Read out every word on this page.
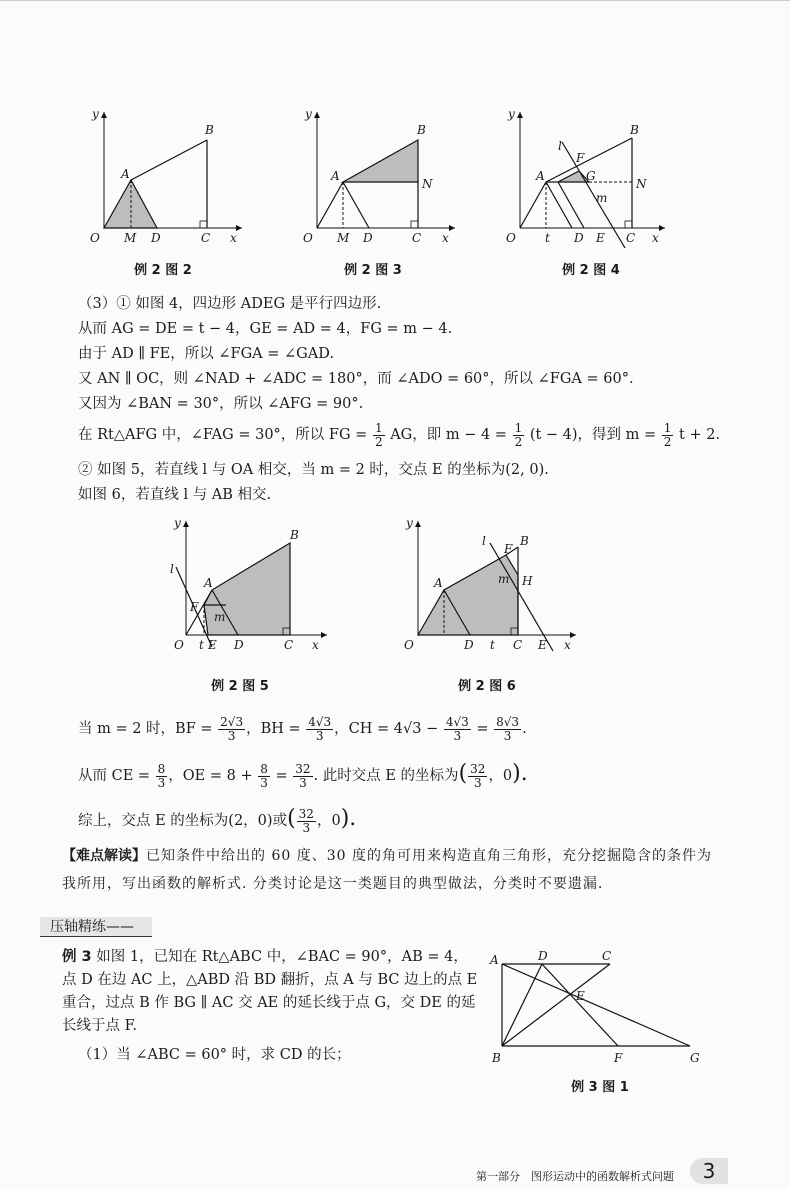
y
B
A
O M D	C x
例 2 图 2
y
B
A
N
O M D	C x
例 2 图 3
y
B
l
F
A	G
N
m
O t D E C x
例 2 图 4
（3）① 如图 4，四边形 ADEG 是平行四边形.
从而 AG = DE = t − 4，GE = AD = 4，FG = m − 4.
由于 AD ∥ FE，所以 ∠FGA = ∠GAD.
又 AN ∥ OC，则 ∠NAD + ∠ADC = 180°，而 ∠ADO = 60°，所以 ∠FGA = 60°.
又因为 ∠BAN = 30°，所以 ∠AFG = 90°.
在 Rt△AFG 中，∠FAG = 30°，所以 FG = $\frac{1}{2}$ AG，即 $m - 4 = \frac{1}{2} (t - 4)$，得到 $m = \frac{1}{2}$ t + 2.
② 如图 5，若直线 l 与 OA 相交，当 m = 2 时，交点 E 的坐标为(2, 0).
如图 6，若直线 l 与 AB 相交.
y
B
l
A
F
m
O t E D	C x
例 2 图 5
y
l
F
B
A	m H
O	D t C E x
例 2 图 6
当 m = 2 时，BF = $\frac{2√3}{3}$ ，BH = $\frac{4√3}{3}$ ，CH = $4√3 - \frac{4√3}{3} = \frac{8√3}{3}$ .
从而 CE = $\frac{8}{3}$ ，OE = $8 + \frac{8}{3} = \frac{32}{3}$ . 此时交点 E 的坐标为( $\frac{32}{3}$ ，0).
综上，交点 E 的坐标为(2，0)或( $\frac{32}{3}$ ，0).
【难点解读】已知条件中给出的 60 度、30 度的角可用来构造直角三角形，充分挖掘隐含的条件为我所用，写出函数的解析式. 分类讨论是这一类题目的典型做法，分类时不要遗漏.
压轴精练——
例 3 如图 1，已知在 Rt△ABC 中，∠BAC = 90°，AB = 4，点 D 在边 AC 上，△ABD 沿 BD 翻折，点 A 与 BC 边上的点 E 重合，过点 B 作 BG ∥ AC 交 AE 的延长线于点 G，交 DE 的延长线于点 F.
（1）当 ∠ABC = 60° 时，求 CD 的长；
A	D	C
E
B	F	G
例 3 图 1
第一部分　图形运动中的函数解析式问题	3
